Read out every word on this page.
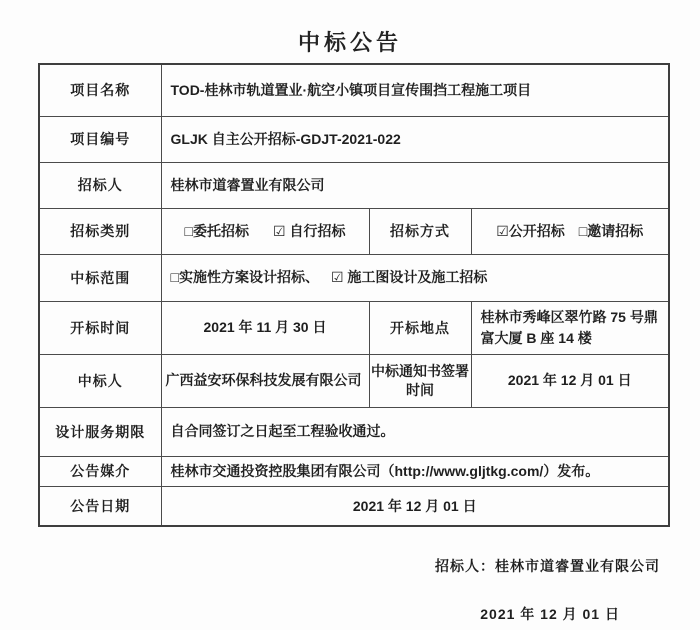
中标公告
项目名称	TOD-桂林市轨道置业·航空小镇项目宣传围挡工程施工项目		
项目编号	GLJK 自主公开招标-GDJT-2021-022		
招标人	桂林市道睿置业有限公司		
招标类别	□委托招标 ☑ 自行招标	招标方式	☑公开招标 □邀请招标

中标范围	□实施性方案设计招标、 ☑ 施工图设计及施工招标		

开标时间	2021 年 11 月 30 日	开标地点	桂林市秀峰区翠竹路 75 号鼎富大厦 B 座 14 楼
中标人	广西益安环保科技发展有限公司	中标通知书签署时间	2021 年 12 月 01 日
设计服务期限	自合同签订之日起至工程验收通过。		
公告媒介	桂林市交通投资控股集团有限公司（http://www.gljtkg.com/）发布。		
公告日期	2021 年 12 月 01 日		
招标人：桂林市道睿置业有限公司
2021 年 12 月 01 日
